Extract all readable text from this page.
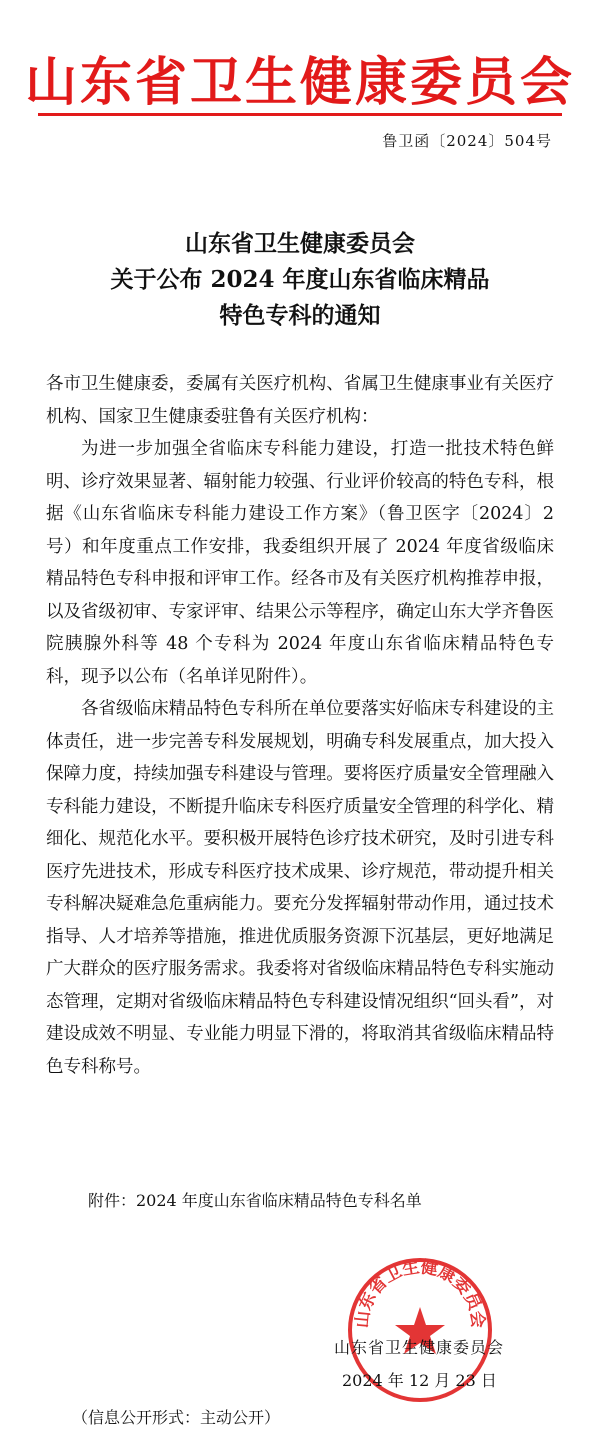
山东省卫生健康委员会
鲁卫函〔2024〕504号
山东省卫生健康委员会
关于公布 2024 年度山东省临床精品
特色专科的通知

各市卫生健康委，委属有关医疗机构、省属卫生健康事业有关医疗机构、国家卫生健康委驻鲁有关医疗机构：

为进一步加强全省临床专科能力建设，打造一批技术特色鲜明、诊疗效果显著、辐射能力较强、行业评价较高的特色专科，根据《山东省临床专科能力建设工作方案》（鲁卫医字〔2024〕2号）和年度重点工作安排，我委组织开展了 2024 年度省级临床精品特色专科申报和评审工作。经各市及有关医疗机构推荐申报，以及省级初审、专家评审、结果公示等程序，确定山东大学齐鲁医院胰腺外科等 48 个专科为 2024 年度山东省临床精品特色专科，现予以公布（名单详见附件）。

各省级临床精品特色专科所在单位要落实好临床专科建设的主体责任，进一步完善专科发展规划，明确专科发展重点，加大投入保障力度，持续加强专科建设与管理。要将医疗质量安全管理融入专科能力建设，不断提升临床专科医疗质量安全管理的科学化、精细化、规范化水平。要积极开展特色诊疗技术研究，及时引进专科医疗先进技术，形成专科医疗技术成果、诊疗规范，带动提升相关专科解决疑难急危重病能力。要充分发挥辐射带动作用，通过技术指导、人才培养等措施，推进优质服务资源下沉基层，更好地满足广大群众的医疗服务需求。我委将对省级临床精品特色专科实施动态管理，定期对省级临床精品特色专科建设情况组织“回头看”，对建设成效不明显、专业能力明显下滑的，将取消其省级临床精品特色专科称号。

附件：2024 年度山东省临床精品特色专科名单
山东省卫生健康委员会
山东省卫生健康委员会
2024 年 12 月 23 日
（信息公开形式：主动公开）
